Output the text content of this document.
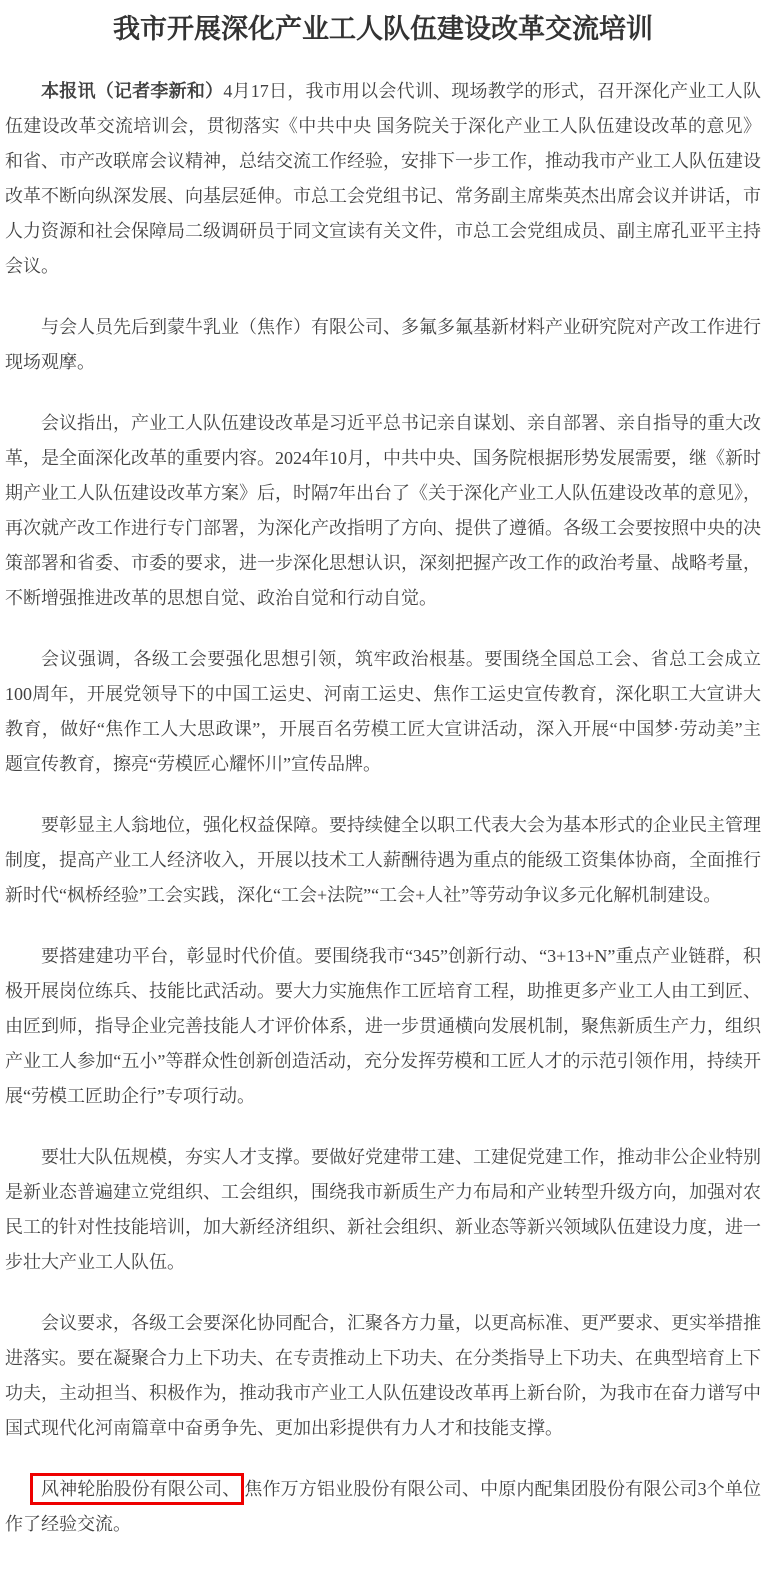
我市开展深化产业工人队伍建设改革交流培训

本报讯（记者李新和）4月17日，我市用以会代训、现场教学的形式，召开深化产业工人队伍建设改革交流培训会，贯彻落实《中共中央 国务院关于深化产业工人队伍建设改革的意见》和省、市产改联席会议精神，总结交流工作经验，安排下一步工作，推动我市产业工人队伍建设改革不断向纵深发展、向基层延伸。市总工会党组书记、常务副主席柴英杰出席会议并讲话，市人力资源和社会保障局二级调研员于同文宣读有关文件，市总工会党组成员、副主席孔亚平主持会议。

与会人员先后到蒙牛乳业（焦作）有限公司、多氟多氟基新材料产业研究院对产改工作进行现场观摩。

会议指出，产业工人队伍建设改革是习近平总书记亲自谋划、亲自部署、亲自指导的重大改革，是全面深化改革的重要内容。2024年10月，中共中央、国务院根据形势发展需要，继《新时期产业工人队伍建设改革方案》后，时隔7年出台了《关于深化产业工人队伍建设改革的意见》，再次就产改工作进行专门部署，为深化产改指明了方向、提供了遵循。各级工会要按照中央的决策部署和省委、市委的要求，进一步深化思想认识，深刻把握产改工作的政治考量、战略考量，不断增强推进改革的思想自觉、政治自觉和行动自觉。

会议强调，各级工会要强化思想引领，筑牢政治根基。要围绕全国总工会、省总工会成立100周年，开展党领导下的中国工运史、河南工运史、焦作工运史宣传教育，深化职工大宣讲大教育，做好“焦作工人大思政课”，开展百名劳模工匠大宣讲活动，深入开展“中国梦·劳动美”主题宣传教育，擦亮“劳模匠心耀怀川”宣传品牌。

要彰显主人翁地位，强化权益保障。要持续健全以职工代表大会为基本形式的企业民主管理制度，提高产业工人经济收入，开展以技术工人薪酬待遇为重点的能级工资集体协商，全面推行新时代“枫桥经验”工会实践，深化“工会+法院”“工会+人社”等劳动争议多元化解机制建设。

要搭建建功平台，彰显时代价值。要围绕我市“345”创新行动、“3+13+N”重点产业链群，积极开展岗位练兵、技能比武活动。要大力实施焦作工匠培育工程，助推更多产业工人由工到匠、由匠到师，指导企业完善技能人才评价体系，进一步贯通横向发展机制，聚焦新质生产力，组织产业工人参加“五小”等群众性创新创造活动，充分发挥劳模和工匠人才的示范引领作用，持续开展“劳模工匠助企行”专项行动。

要壮大队伍规模，夯实人才支撑。要做好党建带工建、工建促党建工作，推动非公企业特别是新业态普遍建立党组织、工会组织，围绕我市新质生产力布局和产业转型升级方向，加强对农民工的针对性技能培训，加大新经济组织、新社会组织、新业态等新兴领域队伍建设力度，进一步壮大产业工人队伍。

会议要求，各级工会要深化协同配合，汇聚各方力量，以更高标准、更严要求、更实举措推进落实。要在凝聚合力上下功夫、在专责推动上下功夫、在分类指导上下功夫、在典型培育上下功夫，主动担当、积极作为，推动我市产业工人队伍建设改革再上新台阶，为我市在奋力谱写中国式现代化河南篇章中奋勇争先、更加出彩提供有力人才和技能支撑。

风神轮胎股份有限公司、 焦作万方铝业股份有限公司、中原内配集团股份有限公司3个单位作了经验交流。
